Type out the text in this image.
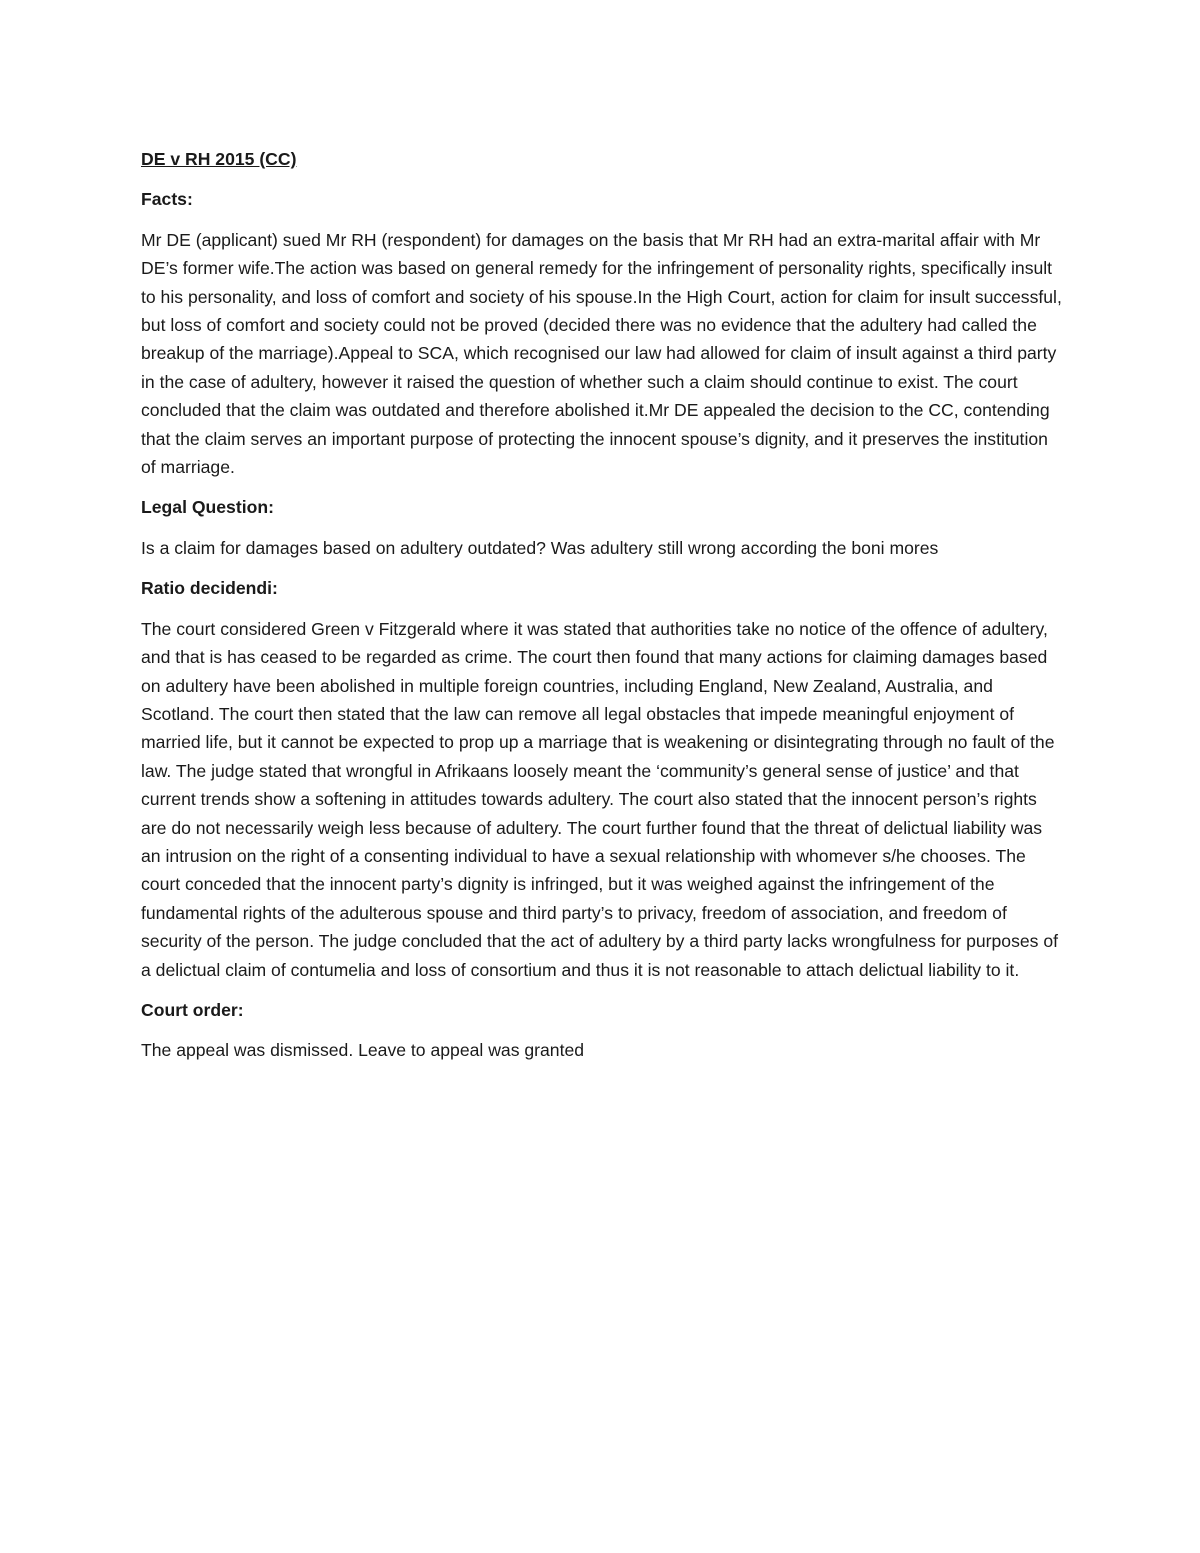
DE v RH 2015 (CC)

Facts:

Mr DE (applicant) sued Mr RH (respondent) for damages on the basis that Mr RH had an extra-marital affair with Mr DE’s former wife.The action was based on general remedy for the infringement of personality rights, specifically insult to his personality, and loss of comfort and society of his spouse.In the High Court, action for claim for insult successful, but loss of comfort and society could not be proved (decided there was no evidence that the adultery had called the breakup of the marriage).Appeal to SCA, which recognised our law had allowed for claim of insult against a third party in the case of adultery, however it raised the question of whether such a claim should continue to exist. The court concluded that the claim was outdated and therefore abolished it.Mr DE appealed the decision to the CC, contending that the claim serves an important purpose of protecting the innocent spouse’s dignity, and it preserves the institution of marriage.

Legal Question:

Is a claim for damages based on adultery outdated? Was adultery still wrong according the boni mores

Ratio decidendi:

The court considered Green v Fitzgerald where it was stated that authorities take no notice of the offence of adultery, and that is has ceased to be regarded as crime. The court then found that many actions for claiming damages based on adultery have been abolished in multiple foreign countries, including England, New Zealand, Australia, and Scotland. The court then stated that the law can remove all legal obstacles that impede meaningful enjoyment of married life, but it cannot be expected to prop up a marriage that is weakening or disintegrating through no fault of the law. The judge stated that wrongful in Afrikaans loosely meant the ‘community’s general sense of justice’ and that current trends show a softening in attitudes towards adultery. The court also stated that the innocent person’s rights are do not necessarily weigh less because of adultery. The court further found that the threat of delictual liability was an intrusion on the right of a consenting individual to have a sexual relationship with whomever s/he chooses. The court conceded that the innocent party’s dignity is infringed, but it was weighed against the infringement of the fundamental rights of the adulterous spouse and third party’s to privacy, freedom of association, and freedom of security of the person. The judge concluded that the act of adultery by a third party lacks wrongfulness for purposes of a delictual claim of contumelia and loss of consortium and thus it is not reasonable to attach delictual liability to it.

Court order:

The appeal was dismissed. Leave to appeal was granted
